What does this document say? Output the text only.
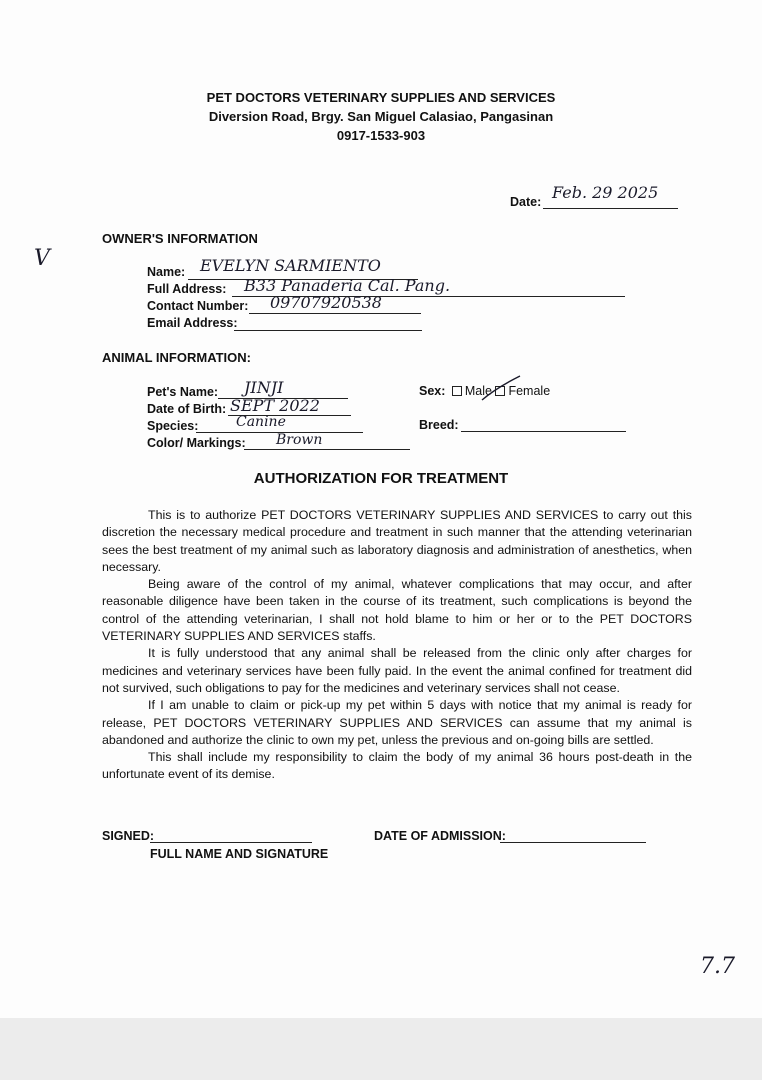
PET DOCTORS VETERINARY SUPPLIES AND SERVICES
Diversion Road, Brgy. San Miguel Calasiao, Pangasinan
0917-1533-903
V
7.7
Date: Feb. 29 2025
OWNER'S INFORMATION
Name: EVELYN SARMIENTO
Full Address: B33 Panaderia Cal. Pang.
Contact Number: 09707920538
Email Address:
ANIMAL INFORMATION:
Pet's Name: JINJI
Date of Birth: SEPT 2022
Species:	Canine
Color/ Markings: Brown
Sex: Male Female
Breed:
AUTHORIZATION FOR TREATMENT

This is to authorize PET DOCTORS VETERINARY SUPPLIES AND SERVICES to carry out this discretion the necessary medical procedure and treatment in such manner that the attending veterinarian sees the best treatment of my animal such as laboratory diagnosis and administration of anesthetics, when necessary.

Being aware of the control of my animal, whatever complications that may occur, and after reasonable diligence have been taken in the course of its treatment, such complications is beyond the control of the attending veterinarian, I shall not hold blame to him or her or to the PET DOCTORS VETERINARY SUPPLIES AND SERVICES staffs.

It is fully understood that any animal shall be released from the clinic only after charges for medicines and veterinary services have been fully paid. In the event the animal confined for treatment did not survived, such obligations to pay for the medicines and veterinary services shall not cease.

If I am unable to claim or pick-up my pet within 5 days with notice that my animal is ready for release, PET DOCTORS VETERINARY SUPPLIES AND SERVICES can assume that my animal is abandoned and authorize the clinic to own my pet, unless the previous and on-going bills are settled.

This shall include my responsibility to claim the body of my animal 36 hours post-death in the unfortunate event of its demise.

SIGNED:
FULL NAME AND SIGNATURE
DATE OF ADMISSION:
